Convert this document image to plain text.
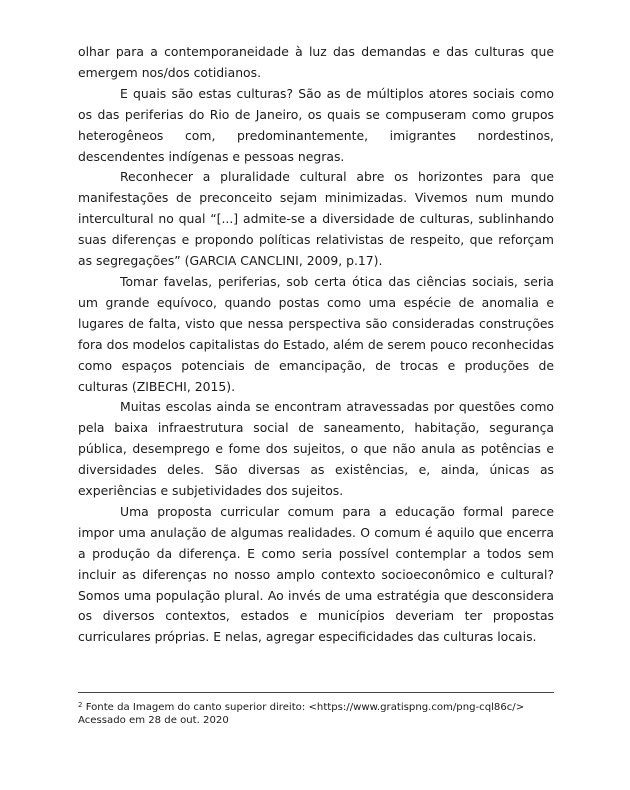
olhar para a contemporaneidade à luz das demandas e das culturas que emergem nos/dos cotidianos.

E quais são estas culturas? São as de múltiplos atores sociais como os das periferias do Rio de Janeiro, os quais se compuseram como grupos heterogêneos com, predominantemente, imigrantes nordestinos, descendentes indígenas e pessoas negras.

Reconhecer a pluralidade cultural abre os horizontes para que manifestações de preconceito sejam minimizadas. Vivemos num mundo intercultural no qual “[...] admite-se a diversidade de culturas, sublinhando suas diferenças e propondo políticas relativistas de respeito, que reforçam as segregações” (GARCIA CANCLINI, 2009, p.17).

Tomar favelas, periferias, sob certa ótica das ciências sociais, seria um grande equívoco, quando postas como uma espécie de anomalia e lugares de falta, visto que nessa perspectiva são consideradas construções fora dos modelos capitalistas do Estado, além de serem pouco reconhecidas como espaços potenciais de emancipação, de trocas e produções de culturas (ZIBECHI, 2015).

Muitas escolas ainda se encontram atravessadas por questões como pela baixa infraestrutura social de saneamento, habitação, segurança pública, desemprego e fome dos sujeitos, o que não anula as potências e diversidades deles. São diversas as existências, e, ainda, únicas as experiências e subjetividades dos sujeitos.

Uma proposta curricular comum para a educação formal parece impor uma anulação de algumas realidades. O comum é aquilo que encerra a produção da diferença. E como seria possível contemplar a todos sem incluir as diferenças no nosso amplo contexto socioeconômico e cultural? Somos uma população plural. Ao invés de uma estratégia que desconsidera os diversos contextos, estados e municípios deveriam ter propostas curriculares próprias. E nelas, agregar especificidades das culturas locais.

$^2$ Fonte da Imagem do canto superior direito: <https://www.gratispng.com/png-cql86c/>
Acessado em 28 de out. 2020
